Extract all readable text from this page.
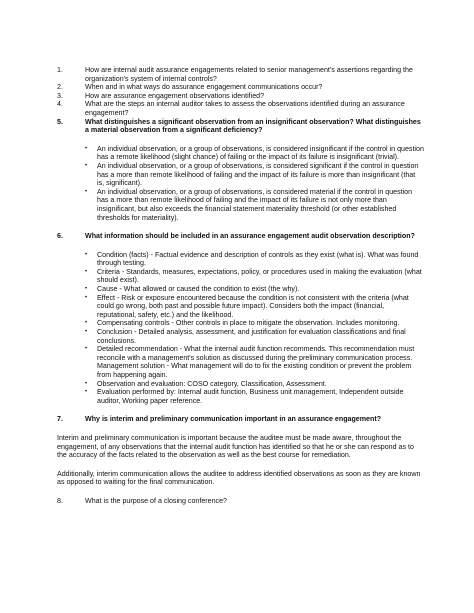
1.	How are internal audit assurance engagements related to senior management's assertions regarding the organization's system of internal controls?
2.	When and in what ways do assurance engagement communications occur?
3.	How are assurance engagement observations identified?
4.	What are the steps an internal auditor takes to assess the observations identified during an assurance engagement?
5.	What distinguishes a significant observation from an insignificant observation? What distinguishes a material observation from a significant deficiency?
•	An individual observation, or a group of observations, is considered insignificant if the control in question has a remote likelihood (slight chance) of failing or the impact of its failure is insignificant (trivial).
•	An individual observation, or a group of observations, is considered significant if the control in question has a more than remote likelihood of failing and the impact of its failure is more than insignificant (that is, significant).
•	An individual observation, or a group of observations, is considered material if the control in question has a more than remote likelihood of failing and the impact of its failure is not only more than insignificant, but also exceeds the financial statement materiality threshold (or other established thresholds for materiality).
6.	What information should be included in an assurance engagement audit observation description?
•	Condition (facts) - Factual evidence and description of controls as they exist (what is). What was found through testing.
•	Criteria - Standards, measures, expectations, policy, or procedures used in making the evaluation (what should exist).
•	Cause - What allowed or caused the condition to exist (the why).
•	Effect - Risk or exposure encountered because the condition is not consistent with the criteria (what could go wrong, both past and possible future impact). Considers both the impact (financial, reputational, safety, etc.) and the likelihood.
•	Compensating controls - Other controls in place to mitigate the observation. Includes monitoring.
•	Conclusion - Detailed analysis, assessment, and justification for evaluation classifications and final conclusions.
•	Detailed recommendation - What the internal audit function recommends. This recommendation must reconcile with a management's solution as discussed during the preliminary communication process. Management solution - What management will do to fix the existing condition or prevent the problem from happening again.
•	Observation and evaluation: COSO category, Classification, Assessment.
•	Evaluation performed by: Internal audit function, Business unit management, Independent outside auditor, Working paper reference.
7.	Why is interim and preliminary communication important in an assurance engagement?

Interim and preliminary communication is important because the auditee must be made aware, throughout the engagement, of any observations that the internal audit function has identified so that he or she can respond as to the accuracy of the facts related to the observation as well as the best course for remediation.

Additionally, interim communication allows the auditee to address identified observations as soon as they are known as opposed to waiting for the final communication.

8.	What is the purpose of a closing conference?
